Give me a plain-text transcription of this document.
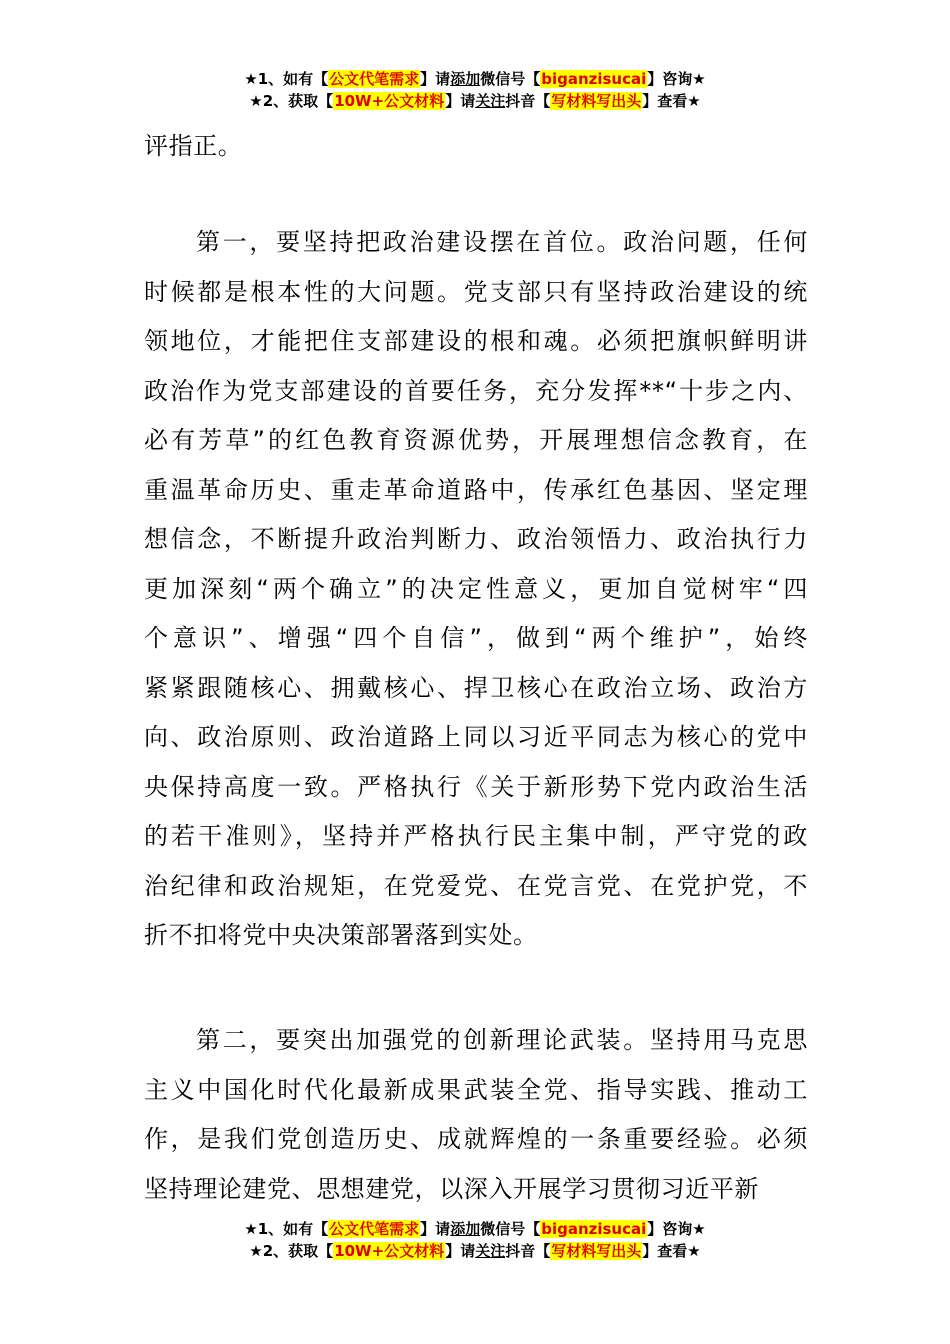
★1、如有【公文代笔需求】请添加微信号【biganzisucai】咨询★
★2、获取【10W+公文材料】请关注抖音【写材料写出头】查看★
评指正。
第一，要坚持把政治建设摆在首位。政治问题，任何
时候都是根本性的大问题。党支部只有坚持政治建设的统
领地位，才能把住支部建设的根和魂。必须把旗帜鲜明讲
政治作为党支部建设的首要任务，充分发挥**“十步之内、
必有芳草”的红色教育资源优势，开展理想信念教育，在
重温革命历史、重走革命道路中，传承红色基因、坚定理
想信念，不断提升政治判断力、政治领悟力、政治执行力
更加深刻“两个确立”的决定性意义，更加自觉树牢“四
个意识”、增强“四个自信”，做到“两个维护”，始终
紧紧跟随核心、拥戴核心、捍卫核心在政治立场、政治方
向、政治原则、政治道路上同以习近平同志为核心的党中
央保持高度一致。严格执行《关于新形势下党内政治生活
的若干准则》，坚持并严格执行民主集中制，严守党的政
治纪律和政治规矩，在党爱党、在党言党、在党护党，不
折不扣将党中央决策部署落到实处。
第二，要突出加强党的创新理论武装。坚持用马克思
主义中国化时代化最新成果武装全党、指导实践、推动工
作，是我们党创造历史、成就辉煌的一条重要经验。必须
坚持理论建党、思想建党，以深入开展学习贯彻习近平新
★1、如有【公文代笔需求】请添加微信号【biganzisucai】咨询★
★2、获取【10W+公文材料】请关注抖音【写材料写出头】查看★
